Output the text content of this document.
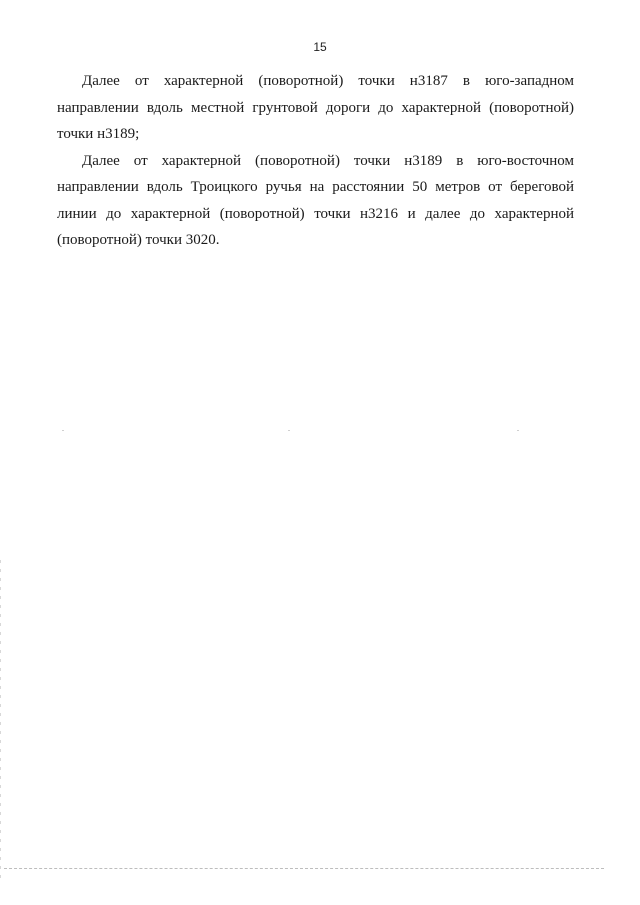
15

Далее от характерной (поворотной) точки н3187 в юго-западном направлении вдоль местной грунтовой дороги до характерной (поворотной) точки н3189;

Далее от характерной (поворотной) точки н3189 в юго-восточном направлении вдоль Троицкого ручья на расстоянии 50 метров от береговой линии до характерной (поворотной) точки н3216 и далее до характерной (поворотной) точки 3020.
